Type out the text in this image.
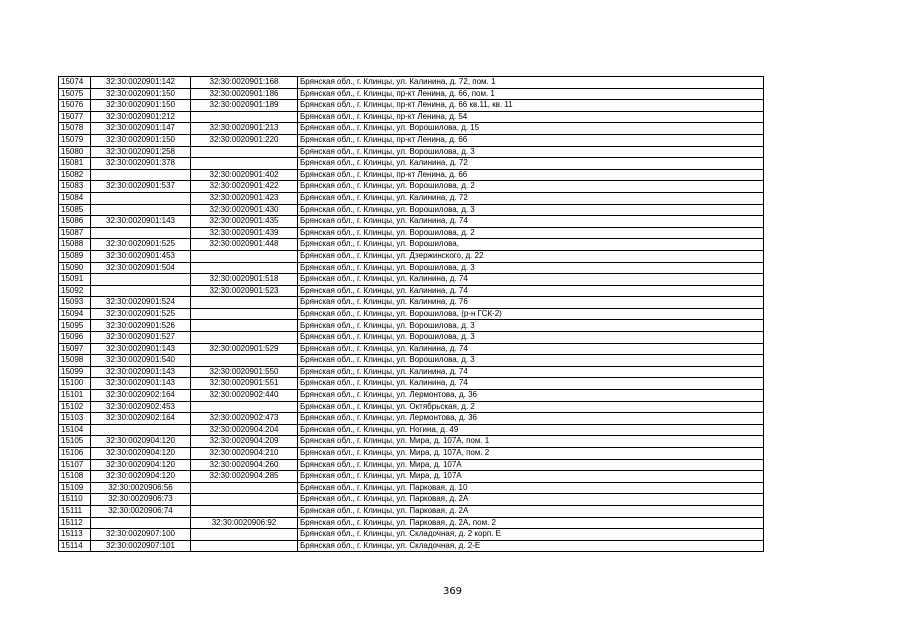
15074	32:30:0020901:142	32:30:0020901:168	Брянская обл., г. Клинцы, ул. Калинина, д. 72, пом. 1
15075	32:30:0020901:150	32:30:0020901:186	Брянская обл., г. Клинцы, пр-кт Ленина, д. 66, пом. 1
15076	32:30:0020901:150	32:30:0020901:189	Брянская обл., г. Клинцы, пр-кт Ленина, д. 66 кв.11, кв. 11
15077	32:30:0020901:212		Брянская обл., г. Клинцы, пр-кт Ленина, д. 54
15078	32:30:0020901:147	32:30:0020901:213	Брянская обл., г. Клинцы, ул. Ворошилова, д. 15
15079	32:30:0020901:150	32:30:0020901:220	Брянская обл., г. Клинцы, пр-кт Ленина, д. 66
15080	32:30:0020901:258		Брянская обл., г. Клинцы, ул. Ворошилова, д. 3
15081	32:30:0020901:378		Брянская обл., г. Клинцы, ул. Калинина, д. 72
15082		32:30:0020901:402	Брянская обл., г. Клинцы, пр-кт Ленина, д. 66
15083	32:30:0020901:537	32:30:0020901:422	Брянская обл., г. Клинцы, ул. Ворошилова, д. 2
15084		32:30:0020901:423	Брянская обл., г. Клинцы, ул. Калинина, д. 72
15085		32:30:0020901:430	Брянская обл., г. Клинцы, ул. Ворошилова, д. 3
15086	32:30:0020901:143	32:30:0020901:435	Брянская обл., г. Клинцы, ул. Калинина, д. 74
15087		32:30:0020901:439	Брянская обл., г. Клинцы, ул. Ворошилова, д. 2
15088	32:30:0020901:525	32:30:0020901:448	Брянская обл., г. Клинцы, ул. Ворошилова,
15089	32:30:0020901:453		Брянская обл., г. Клинцы, ул. Дзержинского, д. 22
15090	32:30:0020901:504		Брянская обл., г. Клинцы, ул. Ворошилова, д. 3
15091		32:30:0020901:518	Брянская обл., г. Клинцы, ул. Калинина, д. 74
15092		32:30:0020901:523	Брянская обл., г. Клинцы, ул. Калинина, д. 74
15093	32:30:0020901:524		Брянская обл., г. Клинцы, ул. Калинина, д. 76
15094	32:30:0020901:525		Брянская обл., г. Клинцы, ул. Ворошилова, (р-н ГСК-2)
15095	32:30:0020901:526		Брянская обл., г. Клинцы, ул. Ворошилова, д. 3
15096	32:30:0020901:527		Брянская обл., г. Клинцы, ул. Ворошилова, д. 3
15097	32:30:0020901:143	32:30:0020901:529	Брянская обл., г. Клинцы, ул. Калинина, д. 74
15098	32:30:0020901:540		Брянская обл., г. Клинцы, ул. Ворошилова, д. 3
15099	32:30:0020901:143	32:30:0020901:550	Брянская обл., г. Клинцы, ул. Калинина, д. 74
15100	32:30:0020901:143	32:30:0020901:551	Брянская обл., г. Клинцы, ул. Калинина, д. 74
15101	32:30:0020902:164	32:30:0020902:440	Брянская обл., г. Клинцы, ул. Лермонтова, д. 36
15102	32:30:0020902:453		Брянская обл., г. Клинцы, ул. Октябрьская, д. 2
15103	32:30:0020902:164	32:30:0020902:473	Брянская обл., г. Клинцы, ул. Лермонтова, д. 36
15104		32:30:0020904:204	Брянская обл., г. Клинцы, ул. Ногина, д. 49
15105	32:30:0020904:120	32:30:0020904:209	Брянская обл., г. Клинцы, ул. Мира, д. 107А, пом. 1
15106	32:30:0020904:120	32:30:0020904:210	Брянская обл., г. Клинцы, ул. Мира, д. 107А, пом. 2
15107	32:30:0020904:120	32:30:0020904:260	Брянская обл., г. Клинцы, ул. Мира, д. 107А
15108	32:30:0020904:120	32:30:0020904:285	Брянская обл., г. Клинцы, ул. Мира, д. 107А
15109	32:30:0020906:56		Брянская обл., г. Клинцы, ул. Парковая, д. 10
15110	32:30:0020906:73		Брянская обл., г. Клинцы, ул. Парковая, д. 2А
15111	32:30:0020906:74		Брянская обл., г. Клинцы, ул. Парковая, д. 2А
15112		32:30:0020906:92	Брянская обл., г. Клинцы, ул. Парковая, д. 2А, пом. 2
15113	32:30:0020907:100		Брянская обл., г. Клинцы, ул. Складочная, д. 2 корп. Е
15114	32:30:0020907:101		Брянская обл., г. Клинцы, ул. Складочная, д. 2-Е
369
